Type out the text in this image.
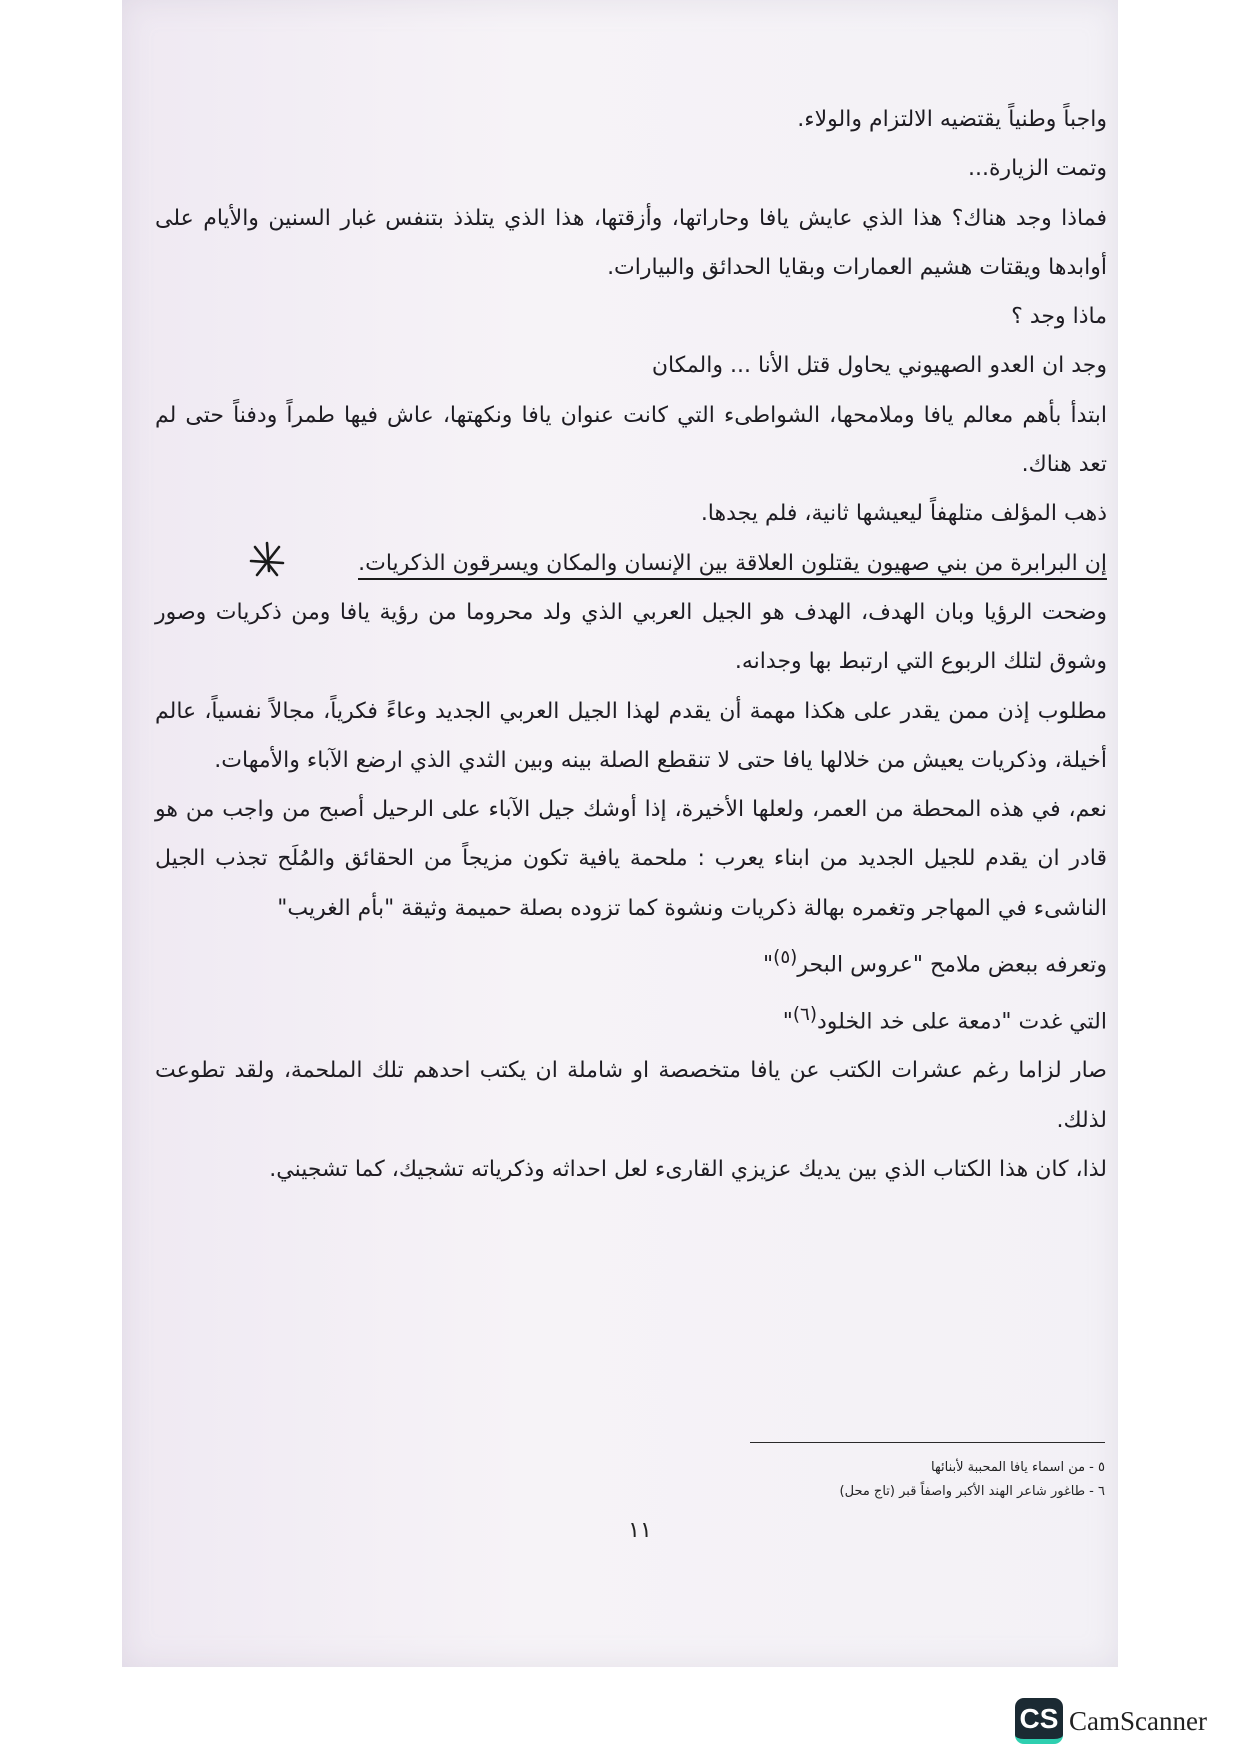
واجباً وطنياً يقتضيه الالتزام والولاء.

وتمت الزيارة...

فماذا وجد هناك؟ هذا الذي عايش يافا وحاراتها، وأزقتها، هذا الذي يتلذذ بتنفس غبار السنين والأيام على أوابدها ويقتات هشيم العمارات وبقايا الحدائق والبيارات.

ماذا وجد ؟

وجد ان العدو الصهيوني يحاول قتل الأنا ... والمكان

ابتدأ بأهم معالم يافا وملامحها، الشواطىء التي كانت عنوان يافا ونكهتها، عاش فيها طمراً ودفناً حتى لم تعد هناك.

ذهب المؤلف متلهفاً ليعيشها ثانية، فلم يجدها.

إن البرابرة من بني صهيون يقتلون العلاقة بين الإنسان والمكان ويسرقون الذكريات.

وضحت الرؤيا وبان الهدف، الهدف هو الجيل العربي الذي ولد محروما من رؤية يافا ومن ذكريات وصور وشوق لتلك الربوع التي ارتبط بها وجدانه.

مطلوب إذن ممن يقدر على هكذا مهمة أن يقدم لهذا الجيل العربي الجديد وعاءً فكرياً، مجالاً نفسياً، عالم أخيلة، وذكريات يعيش من خلالها يافا حتى لا تنقطع الصلة بينه وبين الثدي الذي ارضع الآباء والأمهات.

نعم، في هذه المحطة من العمر، ولعلها الأخيرة، إذا أوشك جيل الآباء على الرحيل أصبح من واجب من هو قادر ان يقدم للجيل الجديد من ابناء يعرب : ملحمة يافية تكون مزيجاً من الحقائق والمُلَح تجذب الجيل الناشىء في المهاجر وتغمره بهالة ذكريات ونشوة كما تزوده بصلة حميمة وثيقة "بأم الغريب"

وتعرفه ببعض ملامح "عروس البحر$^{(٥)}$"

التي غدت "دمعة على خد الخلود$^{(٦)}$"

صار لزاما رغم عشرات الكتب عن يافا متخصصة او شاملة ان يكتب احدهم تلك الملحمة، ولقد تطوعت لذلك.

لذا، كان هذا الكتاب الذي بين يديك عزيزي القارىء لعل احداثه وذكرياته تشجيك، كما تشجيني.

٥ - من اسماء يافا المحببة لأبنائها

٦ - طاغور شاعر الهند الأكبر واصفاً قبر (تاج محل)

١١
CS CamScanner
